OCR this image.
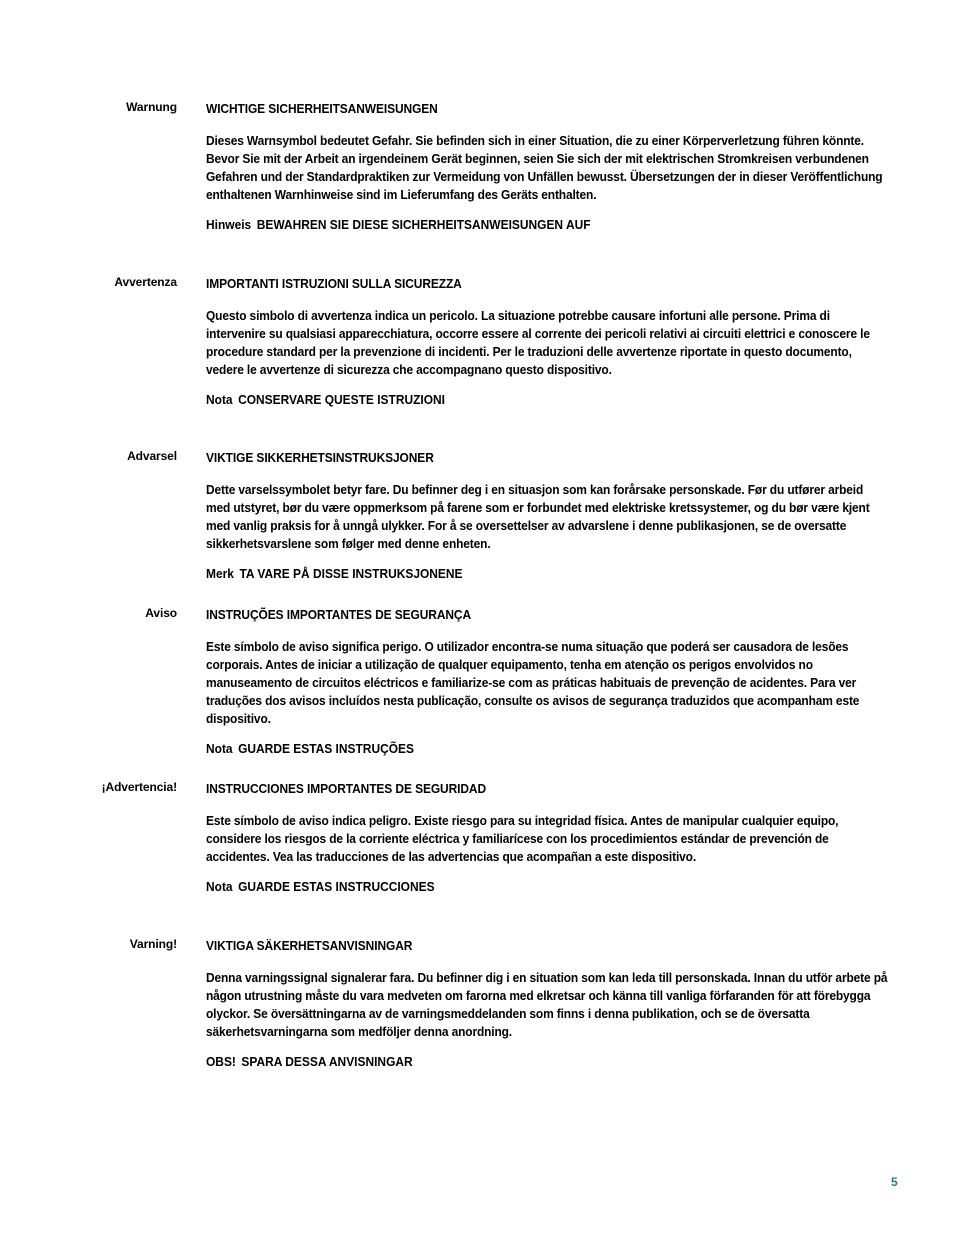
Warnung WICHTIGE SICHERHEITSANWEISUNGEN

Dieses Warnsymbol bedeutet Gefahr. Sie befinden sich in einer Situation, die zu einer Körperverletzung führen könnte. Bevor Sie mit der Arbeit an irgendeinem Gerät beginnen, seien Sie sich der mit elektrischen Stromkreisen verbundenen Gefahren und der Standardpraktiken zur Vermeidung von Unfällen bewusst. Übersetzungen der in dieser Veröffentlichung enthaltenen Warnhinweise sind im Lieferumfang des Geräts enthalten.

Hinweis BEWAHREN SIE DIESE SICHERHEITSANWEISUNGEN AUF

Avvertenza IMPORTANTI ISTRUZIONI SULLA SICUREZZA

Questo simbolo di avvertenza indica un pericolo. La situazione potrebbe causare infortuni alle persone. Prima di intervenire su qualsiasi apparecchiatura, occorre essere al corrente dei pericoli relativi ai circuiti elettrici e conoscere le procedure standard per la prevenzione di incidenti. Per le traduzioni delle avvertenze riportate in questo documento, vedere le avvertenze di sicurezza che accompagnano questo dispositivo.

Nota CONSERVARE QUESTE ISTRUZIONI

Advarsel VIKTIGE SIKKERHETSINSTRUKSJONER

Dette varselssymbolet betyr fare. Du befinner deg i en situasjon som kan forårsake personskade. Før du utfører arbeid med utstyret, bør du være oppmerksom på farene som er forbundet med elektriske kretssystemer, og du bør være kjent med vanlig praksis for å unngå ulykker. For å se oversettelser av advarslene i denne publikasjonen, se de oversatte sikkerhetsvarslene som følger med denne enheten.

Merk TA VARE PÅ DISSE INSTRUKSJONENE

Aviso INSTRUÇÕES IMPORTANTES DE SEGURANÇA

Este símbolo de aviso significa perigo. O utilizador encontra-se numa situação que poderá ser causadora de lesões corporais. Antes de iniciar a utilização de qualquer equipamento, tenha em atenção os perigos envolvidos no manuseamento de circuitos eléctricos e familiarize-se com as práticas habituais de prevenção de acidentes. Para ver traduções dos avisos incluídos nesta publicação, consulte os avisos de segurança traduzidos que acompanham este dispositivo.

Nota GUARDE ESTAS INSTRUÇÕES

¡Advertencia! INSTRUCCIONES IMPORTANTES DE SEGURIDAD

Este símbolo de aviso indica peligro. Existe riesgo para su integridad física. Antes de manipular cualquier equipo, considere los riesgos de la corriente eléctrica y familiarícese con los procedimientos estándar de prevención de accidentes. Vea las traducciones de las advertencias que acompañan a este dispositivo.

Nota GUARDE ESTAS INSTRUCCIONES

Varning! VIKTIGA SÄKERHETSANVISNINGAR

Denna varningssignal signalerar fara. Du befinner dig i en situation som kan leda till personskada. Innan du utför arbete på någon utrustning måste du vara medveten om farorna med elkretsar och känna till vanliga förfaranden för att förebygga olyckor. Se översättningarna av de varningsmeddelanden som finns i denna publikation, och se de översatta säkerhetsvarningarna som medföljer denna anordning.

OBS! SPARA DESSA ANVISNINGAR

5
